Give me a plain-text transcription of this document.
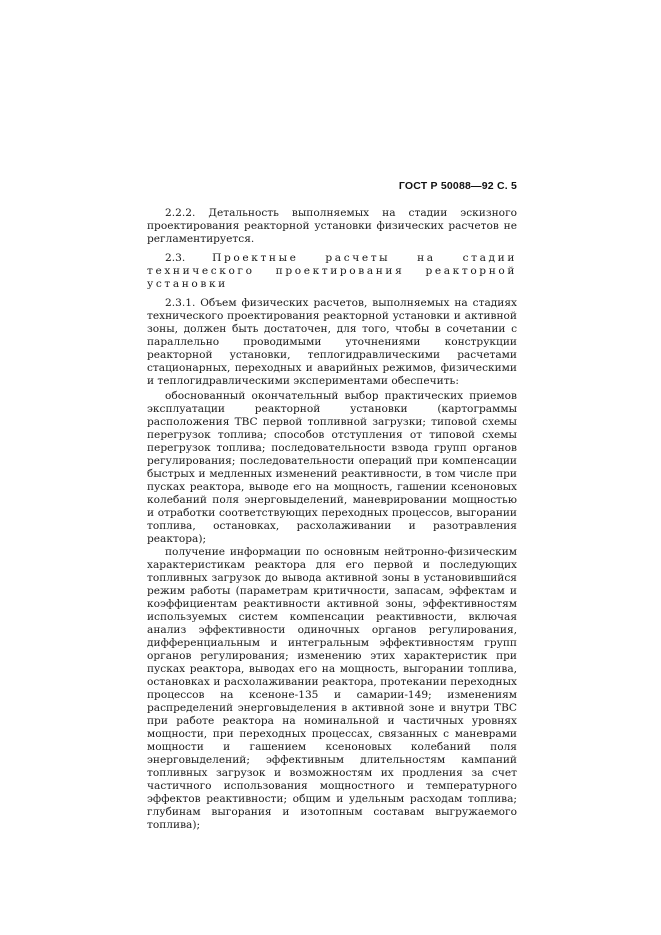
ГОСТ Р 50088—92 С. 5

2.2.2. Детальность выполняемых на стадии эскизного проектирования реакторной установки физических расчетов не регламентируется.

2.3.	Проектные расчеты на стадии технического проектирования реакторной установки

2.3.1. Объем физических расчетов, выполняемых на стадиях технического проектирования реакторной установки и активной зоны, должен быть достаточен, для того, чтобы в сочетании с параллельно проводимыми уточнениями конструкции реакторной установки, теплогидравлическими расчетами стационарных, переходных и аварийных режимов, физическими и теплогидравлическими экспериментами обеспечить:

обоснованный окончательный выбор практических приемов эксплуатации реакторной установки (картограммы расположения ТВС первой топливной загрузки; типовой схемы перегрузок топлива; способов отступления от типовой схемы перегрузок топлива; последовательности взвода групп органов регулирования; последовательности операций при компенсации быстрых и медленных изменений реактивности, в том числе при пусках реактора, выводе его на мощность, гашении ксеноновых колебаний поля энерговыделений, маневрировании мощностью и отработки соответствующих переходных процессов, выгорании топлива, остановках, расхолаживании и разотравления реактора);

получение информации по основным нейтронно-физическим характеристикам реактора для его первой и последующих топливных загрузок до вывода активной зоны в установившийся режим работы (параметрам критичности, запасам, эффектам и коэффициентам реактивности активной зоны, эффективностям используемых систем компенсации реактивности, включая анализ эффективности одиночных органов регулирования, дифференциальным и интегральным эффективностям групп органов регулирования; изменению этих характеристик при пусках реактора, выводах его на мощность, выгорании топлива, остановках и расхолаживании реактора, протекании переходных процессов на ксеноне-135 и самарии-149; изменениям распределений энерговыделения в активной зоне и внутри ТВС при работе реактора на номинальной и частичных уровнях мощности, при переходных процессах, связанных с маневрами мощности и гашением ксеноновых колебаний поля энерговыделений; эффективным длительностям кампаний топливных загрузок и возможностям их продления за счет частичного использования мощностного и температурного эффектов реактивности; общим и удельным расходам топлива; глубинам выгорания и изотопным составам выгружаемого топлива);
